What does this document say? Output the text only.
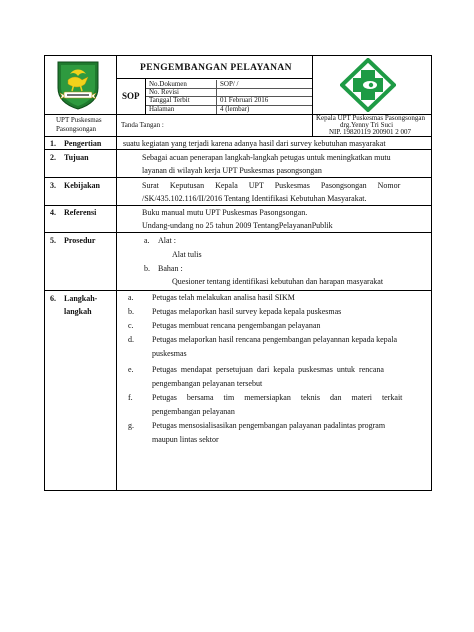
PENGEMBANGAN PELAYANAN
SOP
No.Dokumen	SOP/ /
No. Revisi
Tanggal Terbit	01 Februari 2016
Halaman	4 (lembar)
UPT Puskesmas
Pasongsongan	Tanda Tangan :
Kepala UPT Puskesmas Pasongsongan
drg.Yenny Tri Suci
NIP. 19820119 200901 2 007
1. Pengertian	suatu kegiatan yang terjadi karena adanya hasil dari survey kebutuhan masyarakat
2. Tujuan	Sebagai acuan penerapan langkah-langkah petugas untuk meningkatkan mutu
layanan di wilayah kerja UPT Puskesmas pasongsongan
3. Kebijakan	Surat Keputusan Kepala UPT Puskesmas Pasongsongan Nomor
/SK/435.102.116/II/2016 Tentang Identifikasi Kebutuhan Masyarakat.
4. Referensi	Buku manual mutu UPT Puskesmas Pasongsongan.
Undang-undang no 25 tahun 2009 TentangPelayananPublik
5. Prosedur	a. Alat :
Alat tulis
b. Bahan :
Quesioner tentang identifikasi kebutuhan dan harapan masyarakat
6. Langkah-
langkah
a. Petugas telah melakukan analisa hasil SIKM
b. Petugas melaporkan hasil survey kepada kepala puskesmas
c. Petugas membuat rencana pengembangan pelayanan
d. Petugas melaporkan hasil rencana pengembangan pelayannan kepada kepala
puskesmas
e. Petugas mendapat persetujuan dari kepala puskesmas untuk rencana
pengembangan pelayanan tersebut
f. Petugas bersama tim memersiapkan teknis dan materi terkait
pengembangan pelayanan
g. Petugas mensosialisasikan pengembangan palayanan padalintas program
maupun lintas sektor
